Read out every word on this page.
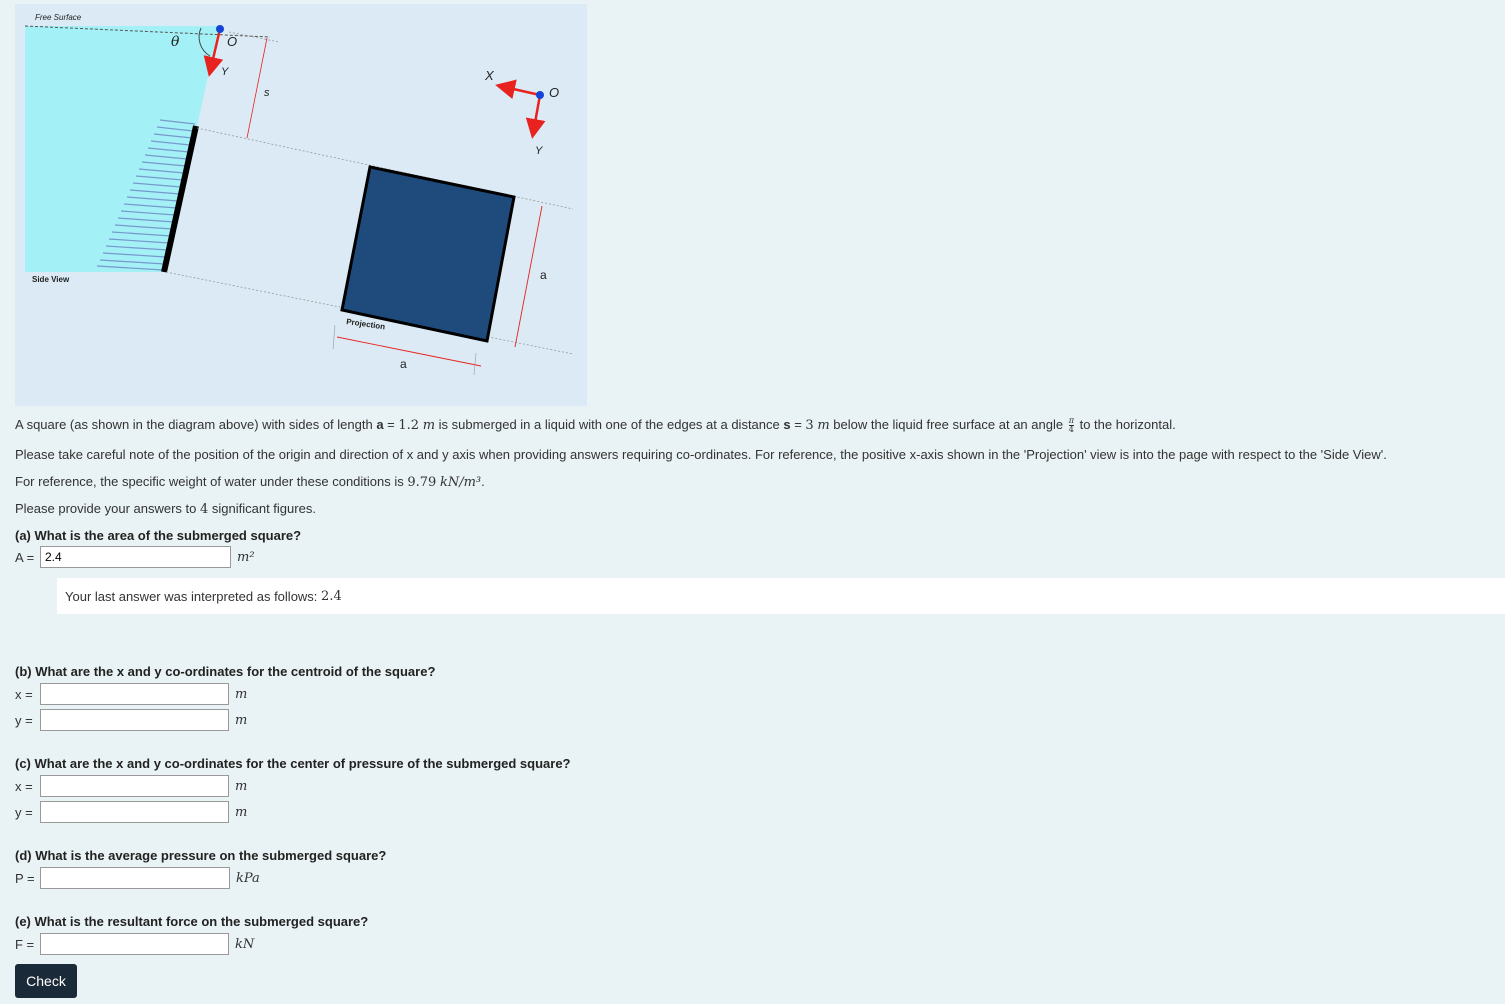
Free Surface
Side View
Projection
θ	O
Y
s
X
O
Y
a
a

A square (as shown in the diagram above) with sides of length a = 1.2 m is submerged in a liquid with one of the edges at a distance s = 3 m below the liquid free surface at an angle $\frac{\pi}{4}$ to the horizontal.

Please take careful note of the position of the origin and direction of x and y axis when providing answers requiring co-ordinates. For reference, the positive x-axis shown in the 'Projection' view is into the page with respect to the 'Side View'.

For reference, the specific weight of water under these conditions is 9.79 kN/m³.

Please provide your answers to 4 significant figures.

(a) What is the area of the submerged square?

A =
2.4	m²
Your last answer was interpreted as follows:
2.4

(b) What are the x and y co-ordinates for the centroid of the square?

x =	m
y =	m

(c) What are the x and y co-ordinates for the center of pressure of the submerged square?

x =	m
y =	m

(d) What is the average pressure on the submerged square?

P =	kPa

(e) What is the resultant force on the submerged square?

F =	kN
Check
